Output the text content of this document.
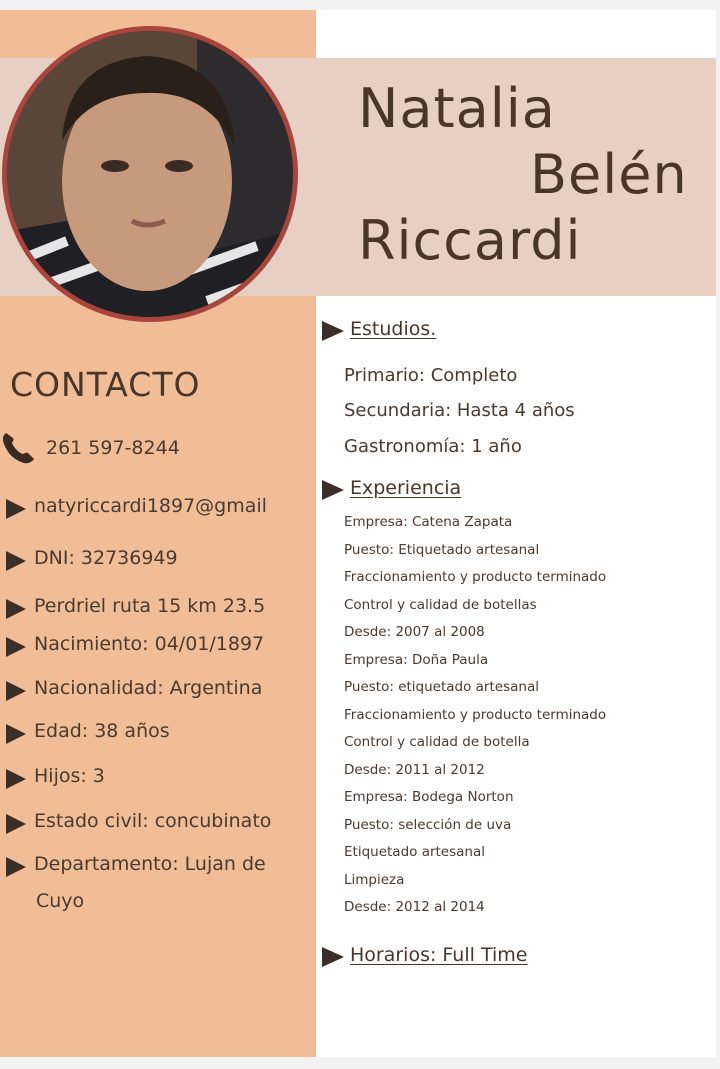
Natalia
Belén
Riccardi
CONTACTO
261 597-8244
natyriccardi1897@gmail
DNI: 32736949
Perdriel ruta 15 km 23.5
Nacimiento: 04/01/1897
Nacionalidad: Argentina
Edad: 38 años
Hijos: 3
Estado civil: concubinato
Departamento: Lujan de
Cuyo
Estudios.
Primario: Completo
Secundaria: Hasta 4 años
Gastronomía: 1 año
Experiencia
Empresa: Catena Zapata
Puesto: Etiquetado artesanal
Fraccionamiento y producto terminado
Control y calidad de botellas
Desde: 2007 al 2008
Empresa: Doña Paula
Puesto: etiquetado artesanal
Fraccionamiento y producto terminado
Control y calidad de botella
Desde: 2011 al 2012
Empresa: Bodega Norton
Puesto: selección de uva
Etiquetado artesanal
Limpieza
Desde: 2012 al 2014
Horarios: Full Time
